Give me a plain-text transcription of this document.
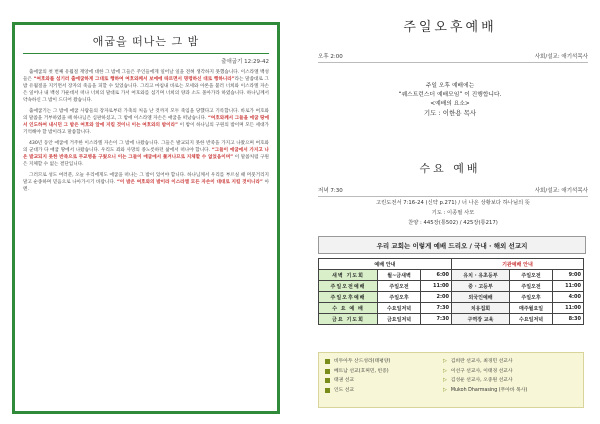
애굽을 떠나는 그 밤
출애굽기 12:29-42

출애굽의 첫 번째 유월절 재앙에 대한 그 밤에 그들은 주인들에게 일어날 일을 전혀 생각하지 못했습니다. 이스라엘 백성들은 “여호와를 섬기러 출애굽하게 그대로 행하여 여호와께서 보애에 따르면서 명령하신 대로 행하니라”라는 말씀대로 그 밤 유월절을 지키면서 장자의 죽음을 피할 수 있었습니다. 그리고 마침내 바로는 모세와 아론을 불러 너희와 이스라엘 자손은 일어나 내 백성 가운데서 떠나 너희의 말대로 가서 여호와를 섬기며 너희의 양과 소도 몰아가라 하였습니다. 하나님께서 약속하신 그 밤이 드디어 왔습니다.

출애굽기는 그 밤에 애굽 사람들의 장자로부터 가축의 처음 난 것까지 모두 죽임을 당했다고 기록합니다. 바로가 여호와의 말씀을 거부하였을 때 하나님은 심판하셨고, 그 밤에 이스라엘 자손은 애굽을 떠났습니다. “여호와께서 그들을 애굽 땅에서 인도하여 내시던 그 밤은 여호와 앞에 지킬 것이니 이는 여호와의 밤이라” 이 밤이 하나님의 구원의 밤이며 모든 세대가 기억해야 할 밤이라고 말씀합니다.

430년 동안 애굽에 거주한 이스라엘 자손이 그 밤에 나왔습니다. 그들은 발교되지 못한 반죽을 가지고 나왔으며 여호와의 군대가 다 애굽 땅에서 나왔습니다. 우리도 죄와 사망의 종노릇하던 삶에서 떠나야 합니다. “그들이 애굽에서 가지고 나온 발교되지 못한 반죽으로 무교병을 구웠으니 이는 그들이 애굽에서 쫓겨나므로 지체할 수 없었음이며” 이 말씀처럼 구원은 지체할 수 없는 결단입니다.

그러므로 성도 여러분, 오늘 우리에게도 애굽을 떠나는 그 밤이 있어야 합니다. 하나님께서 우리를 부르실 때 머뭇거리지 말고 순종하며 믿음으로 나아가시기 바랍니다. “이 밤은 여호와의 밤이라 이스라엘 모든 자손이 대대로 지킬 것이니라” 아멘.

주일오후예배
오후 2:00	사회/설교: 애기석목사
주일 오후 예배에는
“퀘스트런스더 예배모임” 이 진행합니다.
<예배의 요소>
기도 : 이한용 목사
수요 예배
저녁 7:30	사회/설교: 애기석목사
고린도전서 7:16-24 (신약 p.271) / 너 나온 상황보다 하나님의 뜻
기도 : 이종필 사모
찬양 : 445장(통502) / 425장(통217)
우리 교회는 이렇게 예배 드리오 / 국내 · 해외 선교지
예배 안내			기관예배 안내		
새벽 기도회	월~금새벽	6:00	유치 · 유초등부	주일오전	9:00
주일오전예배	주일오전	11:00	중 · 고등부	주일오전	11:00
주일오후예배	주일오후	2:00	외국인예배	주일오후	4:00
수 요 예 배	수요일저녁	7:30	치유집회	매주월요일	11:00
금요 기도회	금요일저녁	7:30	구역장 교육	수요일저녁	8:30
비두아두 산드성라(태평양)	▷ 김희란 선교사, 최경민 선교사
베트남 선교(호찌민, 빈증)	▷ 이선구 선교사, 이태경 선교사
태권 선교	▷ 김성운 선교사, 오중원 선교사
인도 선교	▷ Mukoh Dharmasing (무아바 목사)
